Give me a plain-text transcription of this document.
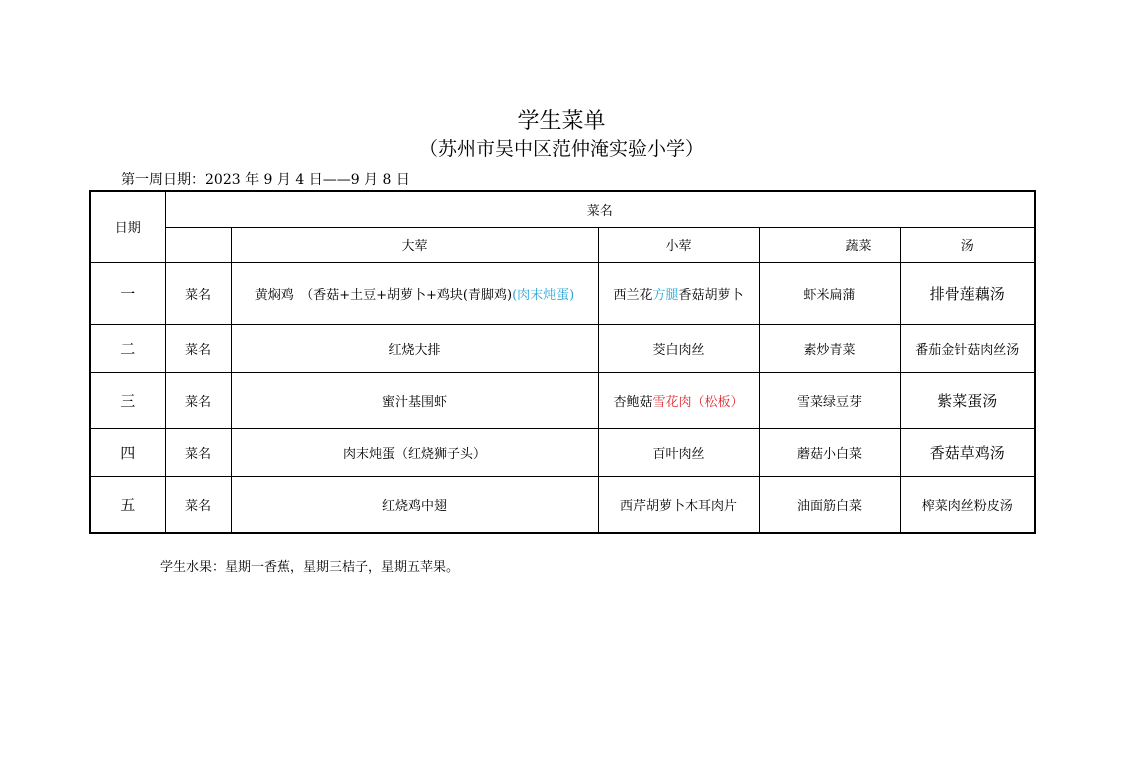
学生菜单
（苏州市吴中区范仲淹实验小学）
第一周日期：2023 年 9 月 4 日——9 月 8 日
日期	菜名				
		大荤	小荤	蔬菜	汤
一	菜名	黄焖鸡　（香菇+土豆+胡萝卜+鸡块(青脚鸡)(肉末炖蛋)	西兰花方腿香菇胡萝卜	虾米扁蒲	排骨莲藕汤
二	菜名	红烧大排	茭白肉丝	素炒青菜	番茄金针菇肉丝汤
三	菜名	蜜汁基围虾	杏鲍菇雪花肉（松板）	雪菜绿豆芽	紫菜蛋汤
四	菜名	肉末炖蛋（红烧狮子头）	百叶肉丝	蘑菇小白菜	香菇草鸡汤
五	菜名	红烧鸡中翅	西芹胡萝卜木耳肉片	油面筋白菜	榨菜肉丝粉皮汤
学生水果：星期一香蕉，星期三桔子，星期五苹果。
